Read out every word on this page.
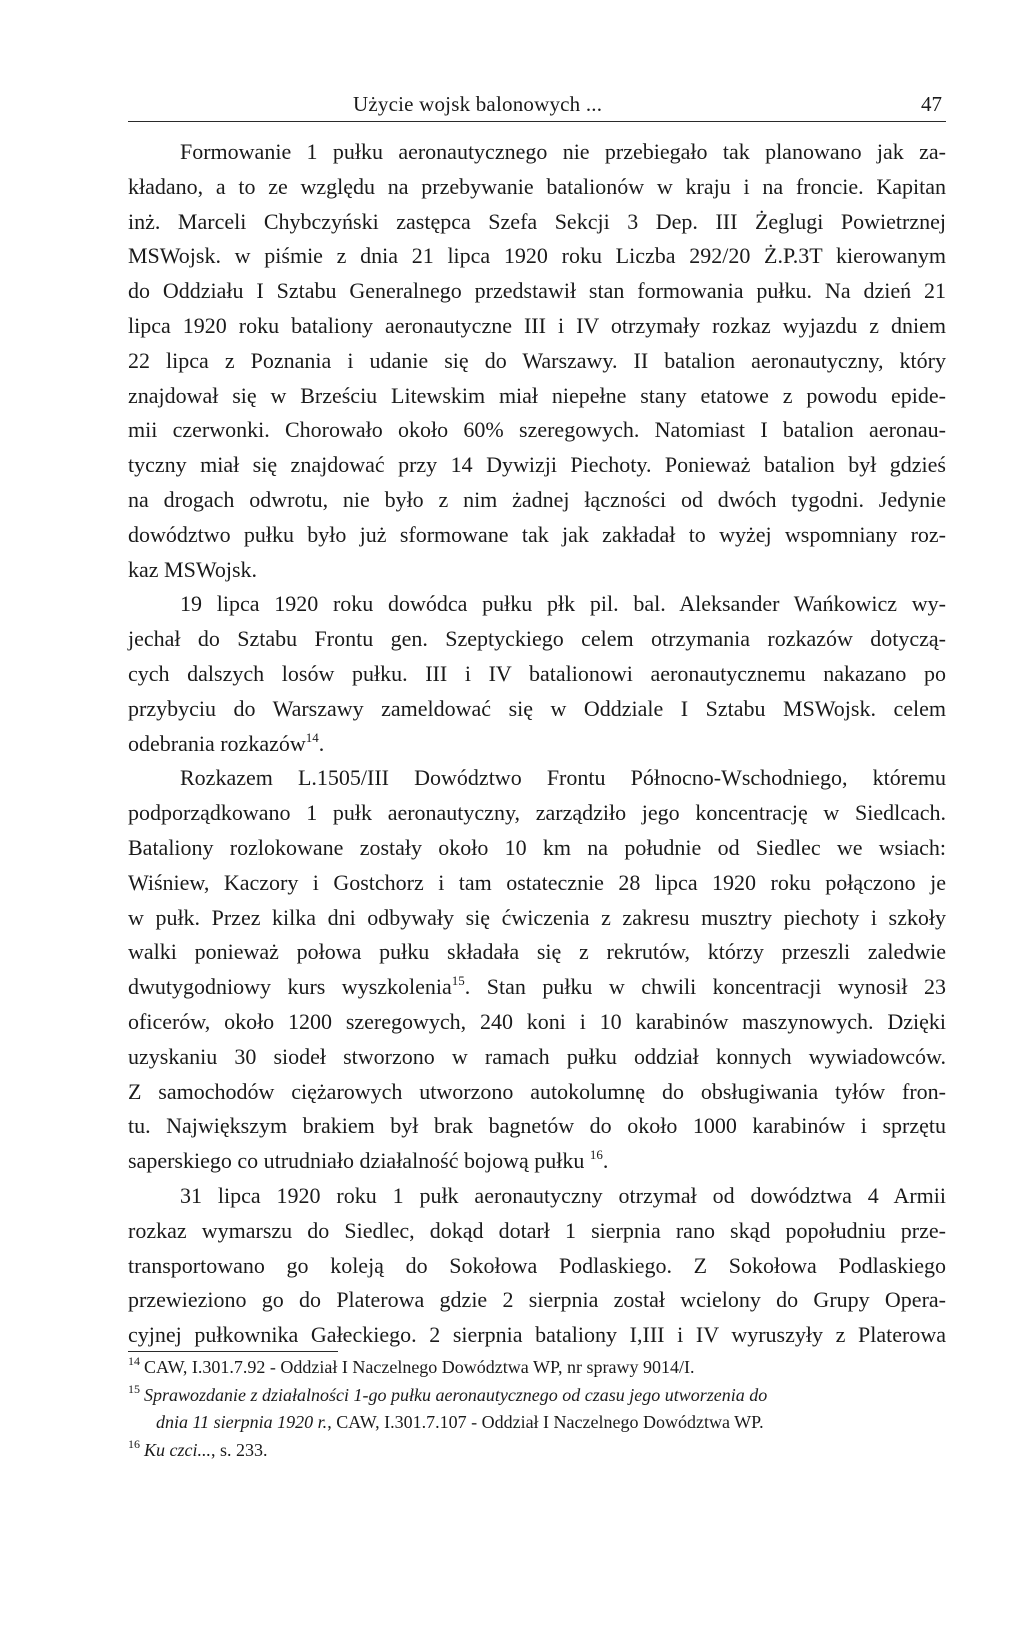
Użycie wojsk balonowych ...	47
Formowanie 1 pułku aeronautycznego nie przebiegało tak planowano jak za-
kładano, a to ze względu na przebywanie batalionów w kraju i na froncie. Kapitan
inż. Marceli Chybczyński zastępca Szefa Sekcji 3 Dep. III Żeglugi Powietrznej
MSWojsk. w piśmie z dnia 21 lipca 1920 roku Liczba 292/20 Ż.P.3T kierowanym
do Oddziału I Sztabu Generalnego przedstawił stan formowania pułku. Na dzień 21
lipca 1920 roku bataliony aeronautyczne III i IV otrzymały rozkaz wyjazdu z dniem
22 lipca z Poznania i udanie się do Warszawy. II batalion aeronautyczny, który
znajdował się w Brześciu Litewskim miał niepełne stany etatowe z powodu epide-
mii czerwonki. Chorowało około 60% szeregowych. Natomiast I batalion aeronau-
tyczny miał się znajdować przy 14 Dywizji Piechoty. Ponieważ batalion był gdzieś
na drogach odwrotu, nie było z nim żadnej łączności od dwóch tygodni. Jedynie
dowództwo pułku było już sformowane tak jak zakładał to wyżej wspomniany roz-
kaz MSWojsk.
19 lipca 1920 roku dowódca pułku płk pil. bal. Aleksander Wańkowicz wy-
jechał do Sztabu Frontu gen. Szeptyckiego celem otrzymania rozkazów dotyczą-
cych dalszych losów pułku. III i IV batalionowi aeronautycznemu nakazano po
przybyciu do Warszawy zameldować się w Oddziale I Sztabu MSWojsk. celem
odebrania rozkazów$^{14}$.
Rozkazem L.1505/III Dowództwo Frontu Północno-Wschodniego, któremu
podporządkowano 1 pułk aeronautyczny, zarządziło jego koncentrację w Siedlcach.
Bataliony rozlokowane zostały około 10 km na południe od Siedlec we wsiach:
Wiśniew, Kaczory i Gostchorz i tam ostatecznie 28 lipca 1920 roku połączono je
w pułk. Przez kilka dni odbywały się ćwiczenia z zakresu musztry piechoty i szkoły
walki ponieważ połowa pułku składała się z rekrutów, którzy przeszli zaledwie
dwutygodniowy kurs wyszkolenia$^{15}$. Stan pułku w chwili koncentracji wynosił 23
oficerów, około 1200 szeregowych, 240 koni i 10 karabinów maszynowych. Dzięki
uzyskaniu 30 siodeł stworzono w ramach pułku oddział konnych wywiadowców.
Z samochodów ciężarowych utworzono autokolumnę do obsługiwania tyłów fron-
tu. Największym brakiem był brak bagnetów do około 1000 karabinów i sprzętu
saperskiego co utrudniało działalność bojową pułku $^{16}$.
31 lipca 1920 roku 1 pułk aeronautyczny otrzymał od dowództwa 4 Armii
rozkaz wymarszu do Siedlec, dokąd dotarł 1 sierpnia rano skąd popołudniu prze-
transportowano go koleją do Sokołowa Podlaskiego. Z Sokołowa Podlaskiego
przewieziono go do Platerowa gdzie 2 sierpnia został wcielony do Grupy Opera-
cyjnej pułkownika Gałeckiego. 2 sierpnia bataliony I,III i IV wyruszyły z Platerowa
$^{14}$ CAW, I.301.7.92 - Oddział I Naczelnego Dowództwa WP, nr sprawy 9014/I.
$^{15}$ Sprawozdanie z działalności 1-go pułku aeronautycznego od czasu jego utworzenia do
dnia 11 sierpnia 1920 r., CAW, I.301.7.107 - Oddział I Naczelnego Dowództwa WP.
$^{16}$ Ku czci..., s. 233.
